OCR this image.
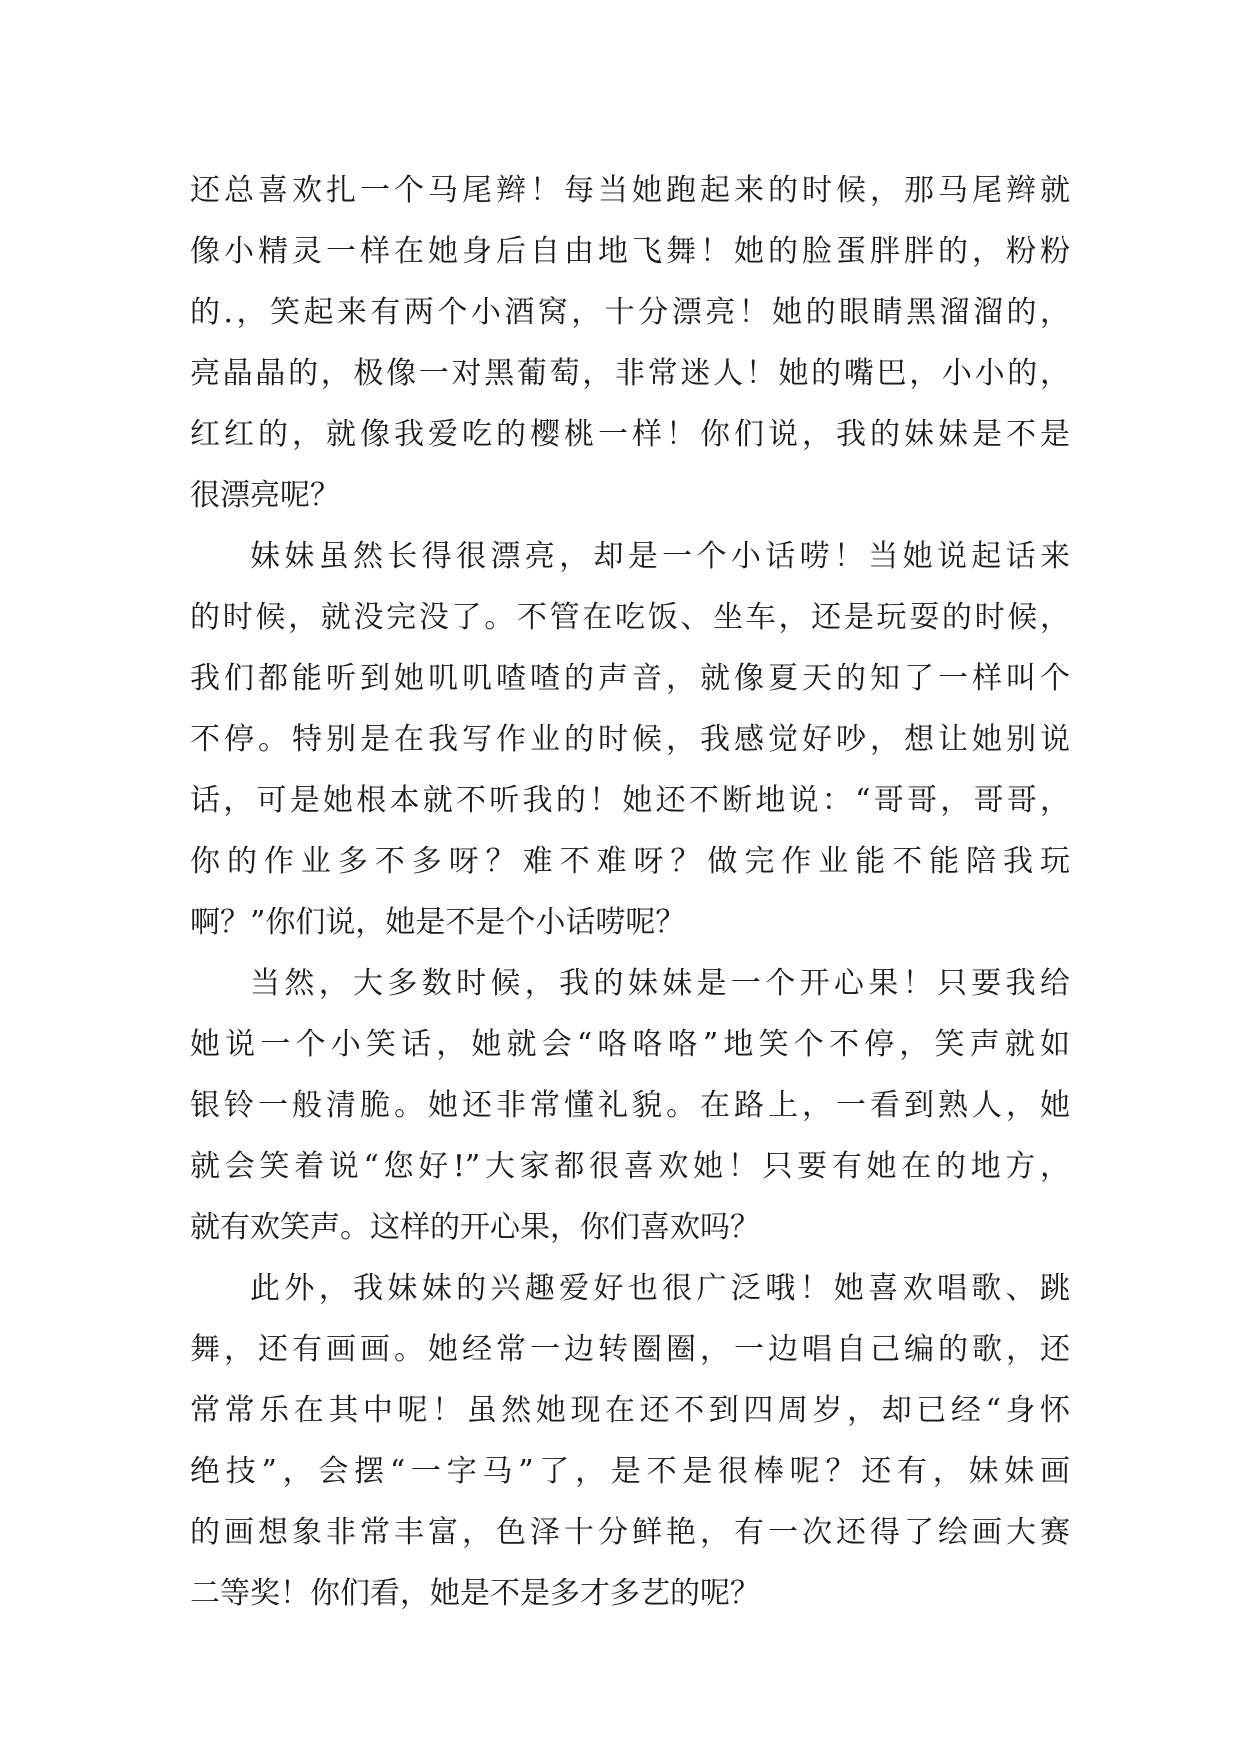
还总喜欢扎一个马尾辫！每当她跑起来的时候，那马尾辫就
像小精灵一样在她身后自由地飞舞！她的脸蛋胖胖的，粉粉
的.，笑起来有两个小酒窝，十分漂亮！她的眼睛黑溜溜的，
亮晶晶的，极像一对黑葡萄，非常迷人！她的嘴巴，小小的，
红红的，就像我爱吃的樱桃一样！你们说，我的妹妹是不是
很漂亮呢？
妹妹虽然长得很漂亮，却是一个小话唠！当她说起话来
的时候，就没完没了。不管在吃饭、坐车，还是玩耍的时候，
我们都能听到她叽叽喳喳的声音，就像夏天的知了一样叫个
不停。特别是在我写作业的时候，我感觉好吵，想让她别说
话，可是她根本就不听我的！她还不断地说：“哥哥，哥哥，
你的作业多不多呀？难不难呀？做完作业能不能陪我玩
啊？”你们说，她是不是个小话唠呢？
当然，大多数时候，我的妹妹是一个开心果！只要我给
她说一个小笑话，她就会“咯咯咯”地笑个不停，笑声就如
银铃一般清脆。她还非常懂礼貌。在路上，一看到熟人，她
就会笑着说“您好!”大家都很喜欢她！只要有她在的地方，
就有欢笑声。这样的开心果，你们喜欢吗？
此外，我妹妹的兴趣爱好也很广泛哦！她喜欢唱歌、跳
舞，还有画画。她经常一边转圈圈，一边唱自己编的歌，还
常常乐在其中呢！虽然她现在还不到四周岁，却已经“身怀
绝技”，会摆“一字马”了，是不是很棒呢？还有，妹妹画
的画想象非常丰富，色泽十分鲜艳，有一次还得了绘画大赛
二等奖！你们看，她是不是多才多艺的呢？
